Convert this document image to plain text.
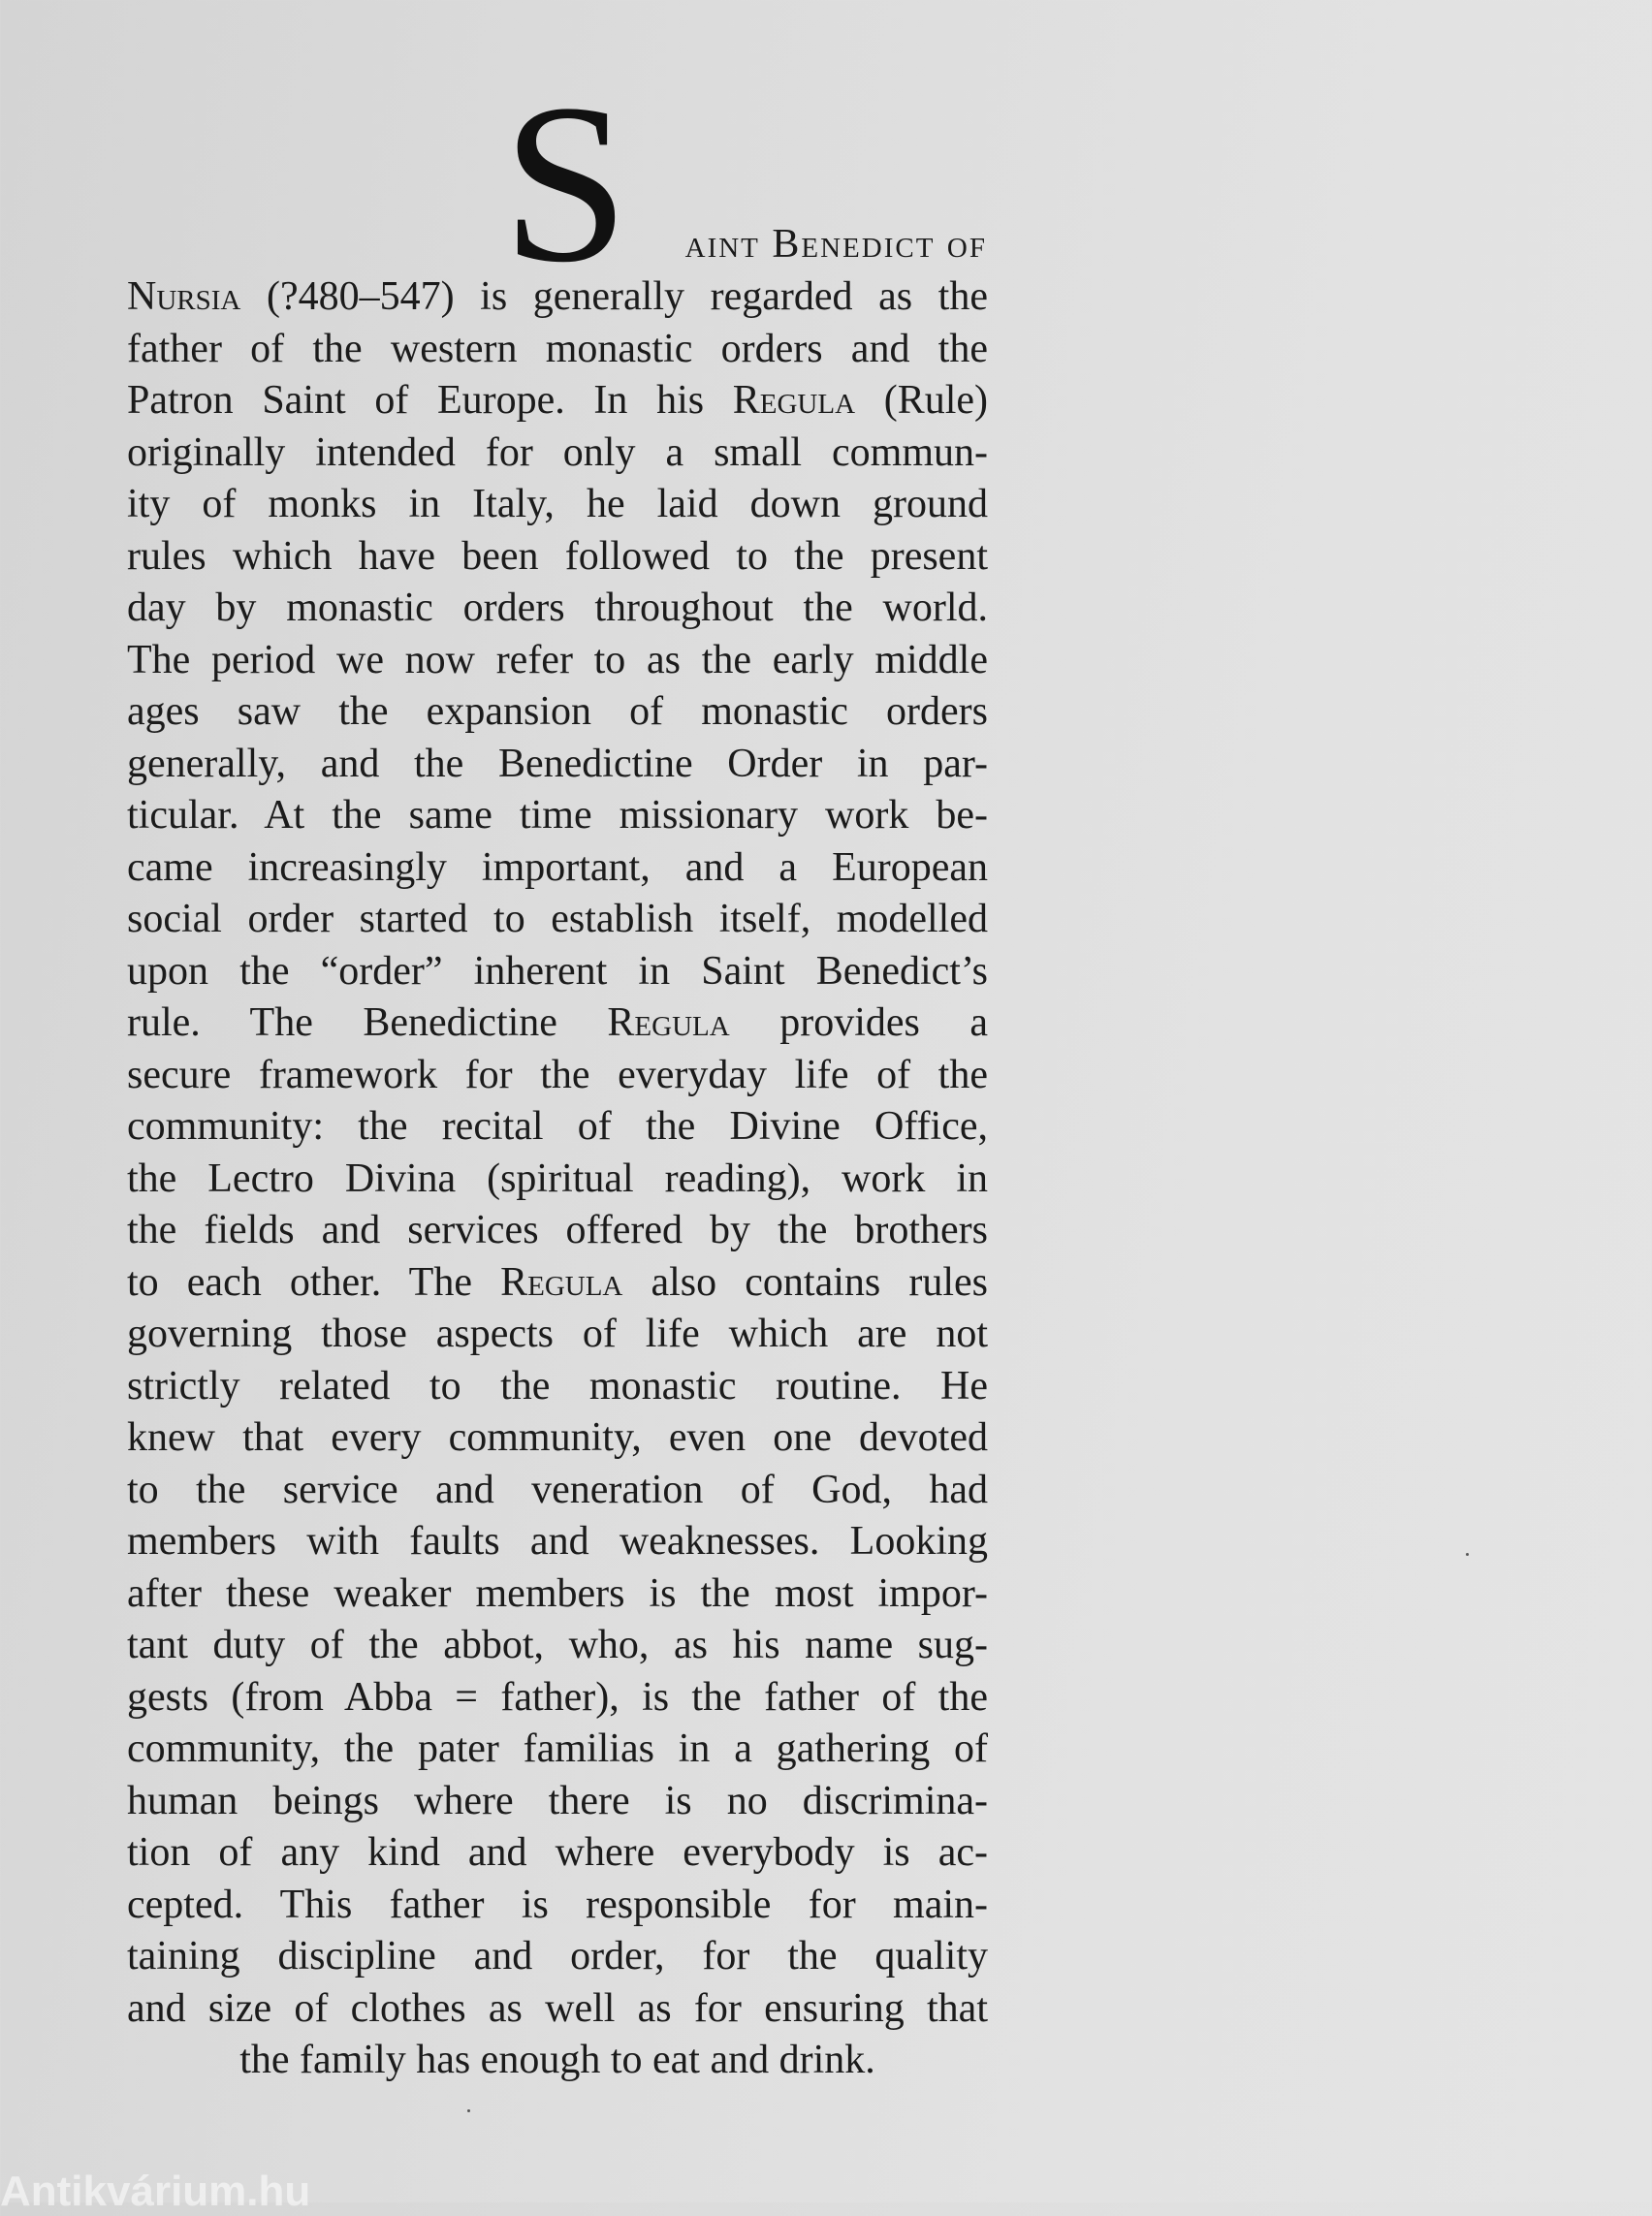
S	aint Benedict of
Nursia (?480–547) is generally regarded as the
father of the western monastic orders and the
Patron Saint of Europe. In his Regula (Rule)
originally intended for only a small commun-
ity of monks in Italy, he laid down ground
rules which have been followed to the present
day by monastic orders throughout the world.
The period we now refer to as the early middle
ages saw the expansion of monastic orders
generally, and the Benedictine Order in par-
ticular. At the same time missionary work be-
came increasingly important, and a European
social order started to establish itself, modelled
upon the “order” inherent in Saint Benedict’s
rule. The Benedictine Regula provides a
secure framework for the everyday life of the
community: the recital of the Divine Office,
the Lectro Divina (spiritual reading), work in
the fields and services offered by the brothers
to each other. The Regula also contains rules
governing those aspects of life which are not
strictly related to the monastic routine. He
knew that every community, even one devoted
to the service and veneration of God, had
members with faults and weaknesses. Looking
after these weaker members is the most impor-
tant duty of the abbot, who, as his name sug-
gests (from Abba = father), is the father of the
community, the pater familias in a gathering of
human beings where there is no discrimina-
tion of any kind and where everybody is ac-
cepted. This father is responsible for main-
taining discipline and order, for the quality
and size of clothes as well as for ensuring that
the family has enough to eat and drink.
Antikvárium.hu
